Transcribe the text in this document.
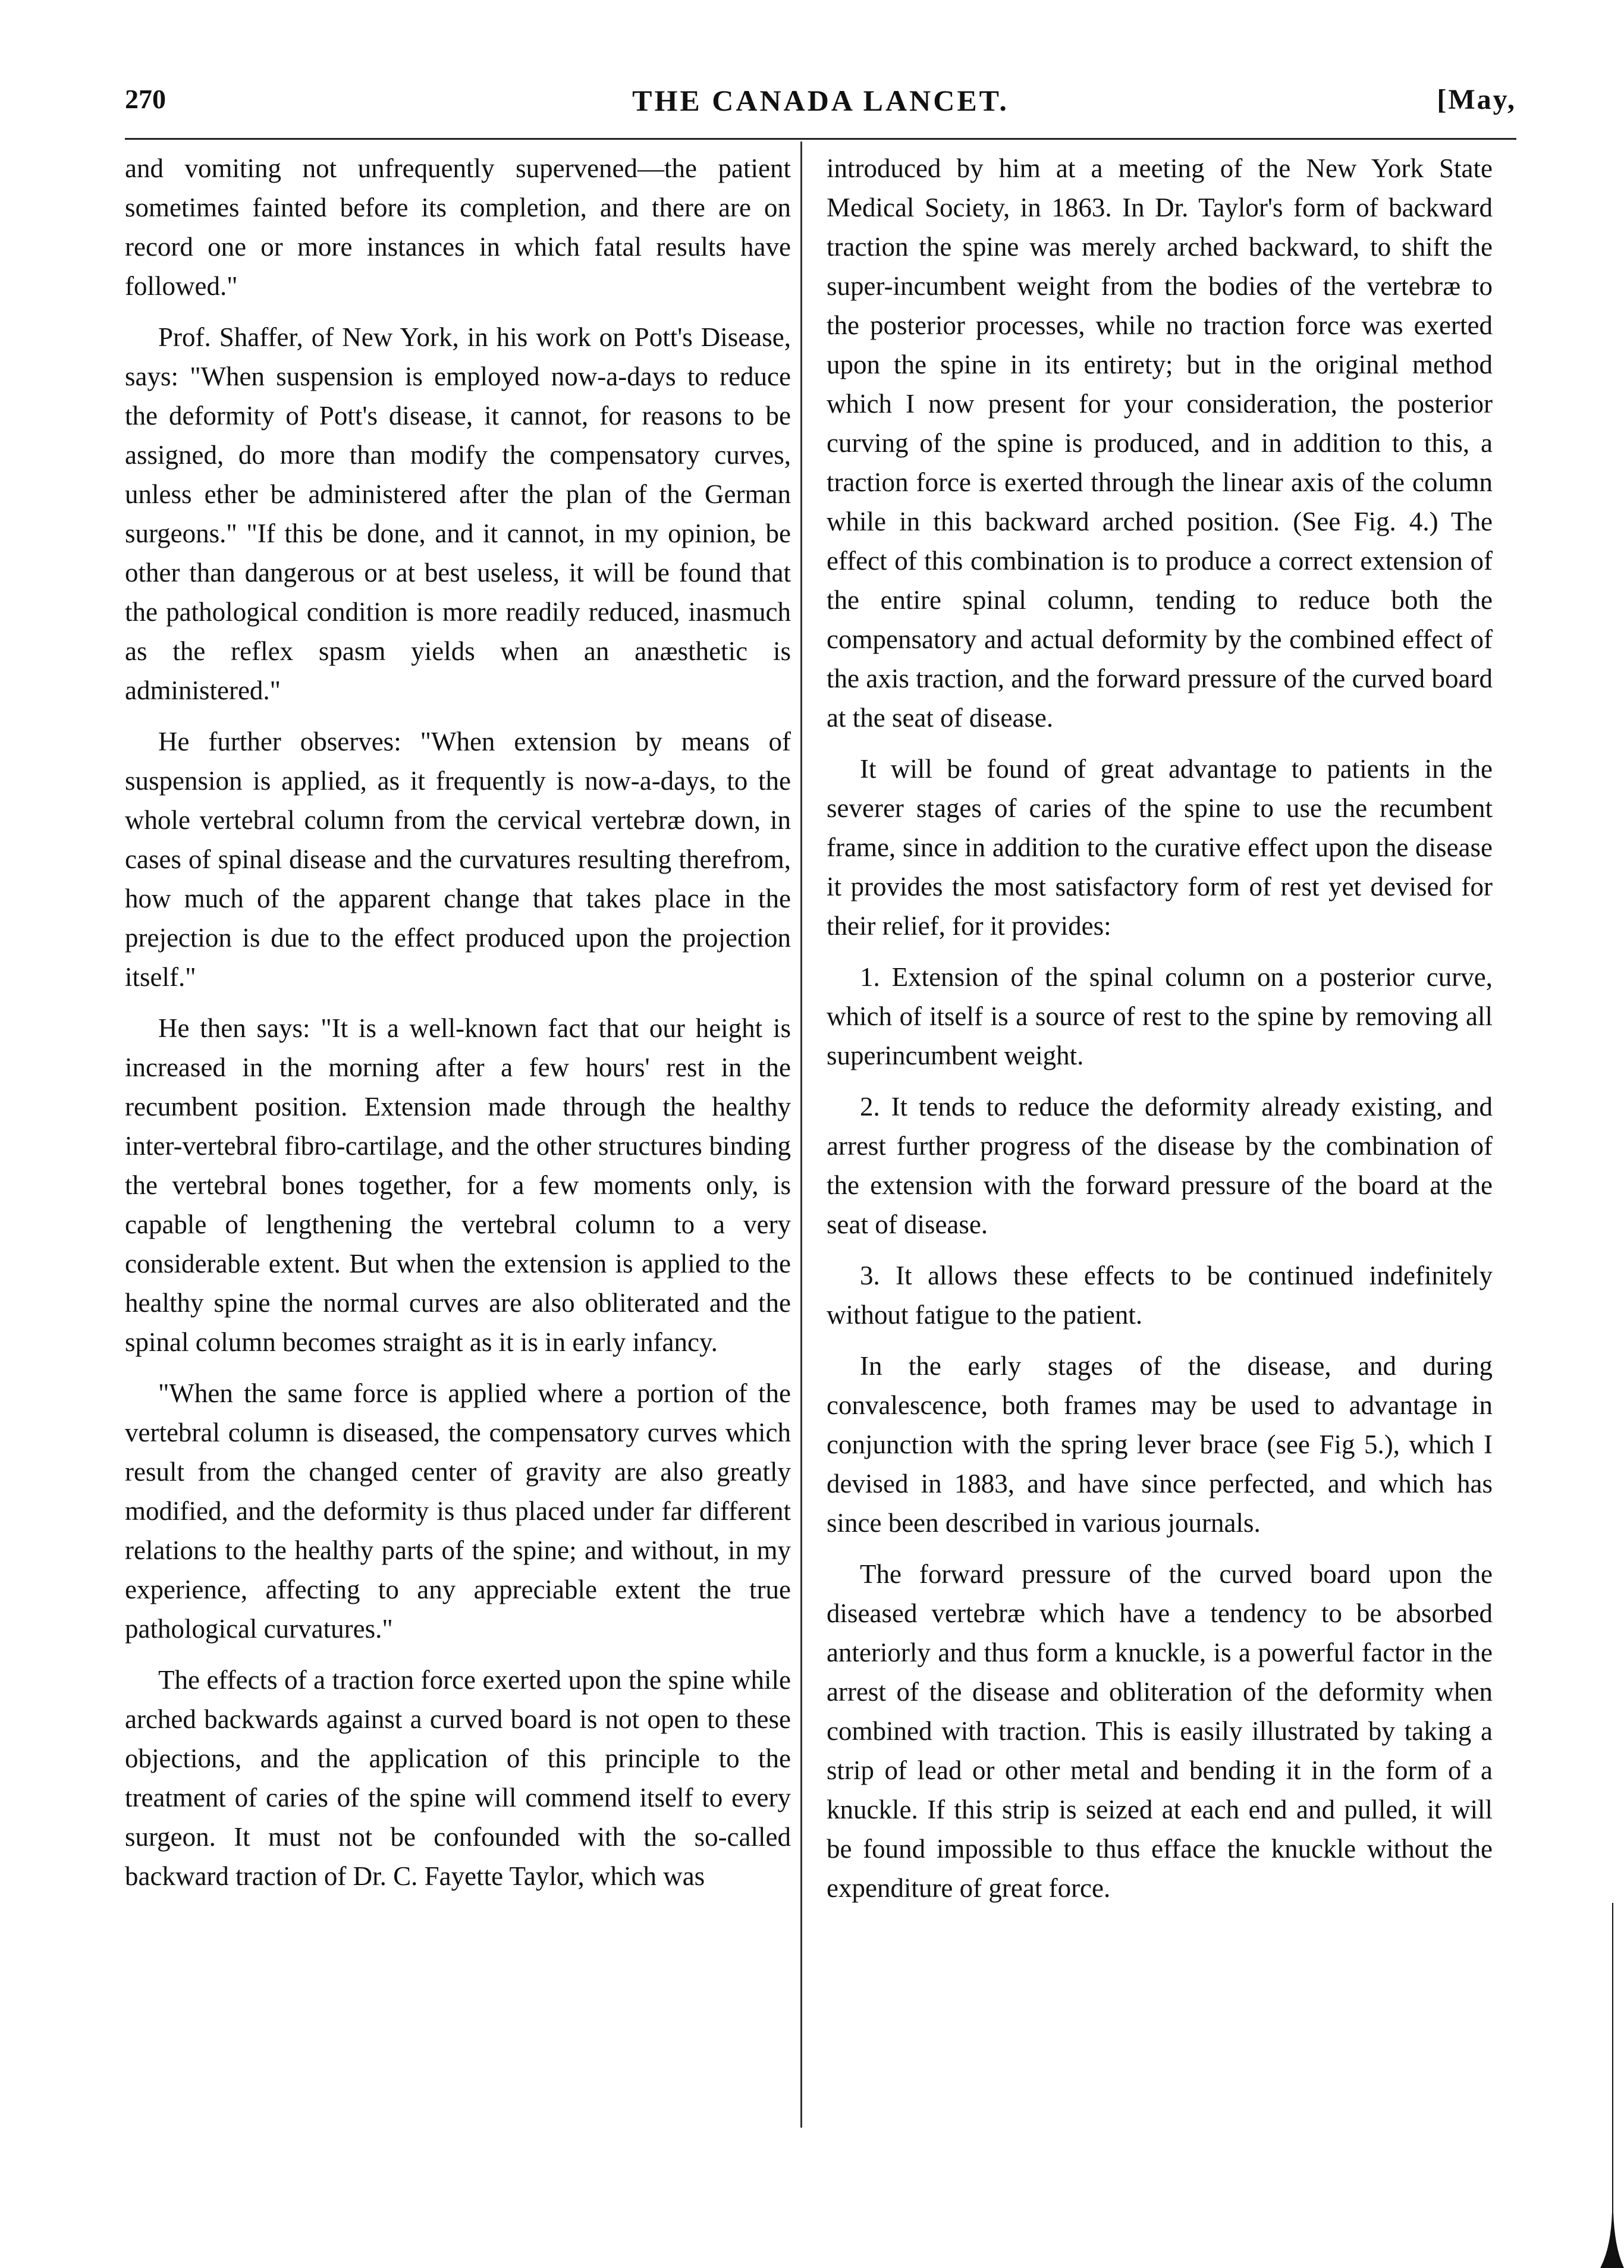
270	THE CANADA LANCET.	[May,

and vomiting not unfrequently supervened—the patient sometimes fainted before its completion, and there are on record one or more instances in which fatal results have followed."

Prof. Shaffer, of New York, in his work on Pott's Disease, says: "When suspension is employed now-a-days to reduce the deformity of Pott's disease, it cannot, for reasons to be assigned, do more than modify the compensatory curves, unless ether be administered after the plan of the German surgeons." "If this be done, and it cannot, in my opinion, be other than dangerous or at best useless, it will be found that the pathological condition is more readily reduced, inasmuch as the reflex spasm yields when an anæsthetic is administered."

He further observes: "When extension by means of suspension is applied, as it frequently is now-a-days, to the whole vertebral column from the cervical vertebræ down, in cases of spinal disease and the curvatures resulting therefrom, how much of the apparent change that takes place in the prejection is due to the effect produced upon the projection itself."

He then says: "It is a well-known fact that our height is increased in the morning after a few hours' rest in the recumbent position. Extension made through the healthy inter-vertebral fibro-cartilage, and the other structures binding the vertebral bones together, for a few moments only, is capable of lengthening the vertebral column to a very considerable extent. But when the extension is applied to the healthy spine the normal curves are also obliterated and the spinal column becomes straight as it is in early infancy.

"When the same force is applied where a portion of the vertebral column is diseased, the compensatory curves which result from the changed center of gravity are also greatly modified, and the deformity is thus placed under far different relations to the healthy parts of the spine; and without, in my experience, affecting to any appreciable extent the true pathological curvatures."

The effects of a traction force exerted upon the spine while arched backwards against a curved board is not open to these objections, and the application of this principle to the treatment of caries of the spine will commend itself to every surgeon. It must not be confounded with the so-called backward traction of Dr. C. Fayette Taylor, which was

introduced by him at a meeting of the New York State Medical Society, in 1863. In Dr. Taylor's form of backward traction the spine was merely arched backward, to shift the super-incumbent weight from the bodies of the vertebræ to the posterior processes, while no traction force was exerted upon the spine in its entirety; but in the original method which I now present for your consideration, the posterior curving of the spine is produced, and in addition to this, a traction force is exerted through the linear axis of the column while in this backward arched position. (See Fig. 4.) The effect of this combination is to produce a correct extension of the entire spinal column, tending to reduce both the compensatory and actual deformity by the combined effect of the axis traction, and the forward pressure of the curved board at the seat of disease.

It will be found of great advantage to patients in the severer stages of caries of the spine to use the recumbent frame, since in addition to the curative effect upon the disease it provides the most satisfactory form of rest yet devised for their relief, for it provides:

1. Extension of the spinal column on a posterior curve, which of itself is a source of rest to the spine by removing all superincumbent weight.

2. It tends to reduce the deformity already existing, and arrest further progress of the disease by the combination of the extension with the forward pressure of the board at the seat of disease.

3. It allows these effects to be continued indefinitely without fatigue to the patient.

In the early stages of the disease, and during convalescence, both frames may be used to advantage in conjunction with the spring lever brace (see Fig 5.), which I devised in 1883, and have since perfected, and which has since been described in various journals.

The forward pressure of the curved board upon the diseased vertebræ which have a tendency to be absorbed anteriorly and thus form a knuckle, is a powerful factor in the arrest of the disease and obliteration of the deformity when combined with traction. This is easily illustrated by taking a strip of lead or other metal and bending it in the form of a knuckle. If this strip is seized at each end and pulled, it will be found impossible to thus efface the knuckle without the expenditure of great force.
